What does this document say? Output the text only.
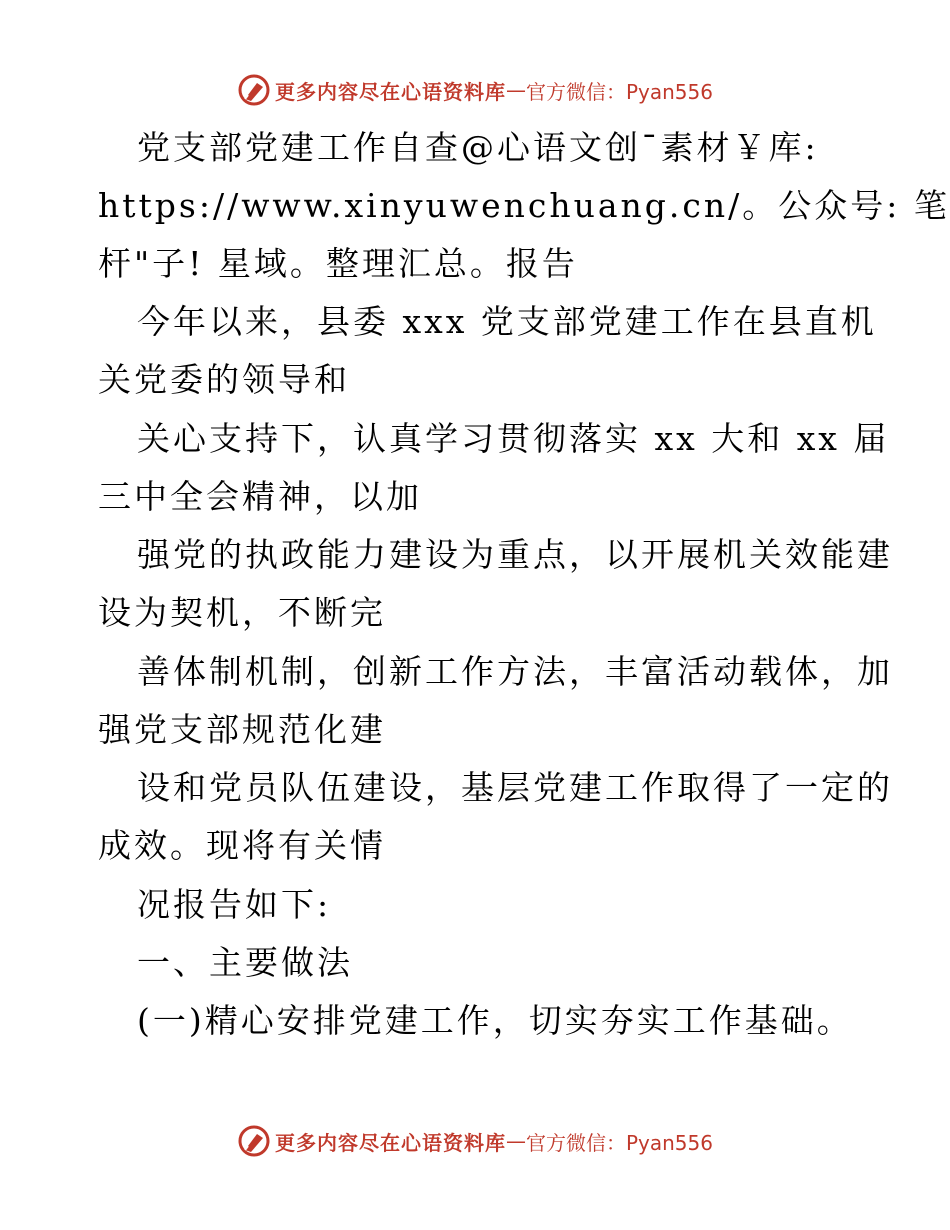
更多内容尽在心语资料库 — 官方微信：Pyan556
党支部党建工作自查@心语文创¯素材￥库:
https://www.xinyuwenchuang.cn/。公众号: 笔
杆"子! 星域。整理汇总。报告
今年以来，县委 xxx 党支部党建工作在县直机
关党委的领导和
关心支持下，认真学习贯彻落实 xx 大和 xx 届
三中全会精神，以加
强党的执政能力建设为重点，以开展机关效能建
设为契机，不断完
善体制机制，创新工作方法，丰富活动载体，加
强党支部规范化建
设和党员队伍建设，基层党建工作取得了一定的
成效。现将有关情
况报告如下:
一、主要做法
(一)精心安排党建工作，切实夯实工作基础。
更多内容尽在心语资料库 — 官方微信：Pyan556
